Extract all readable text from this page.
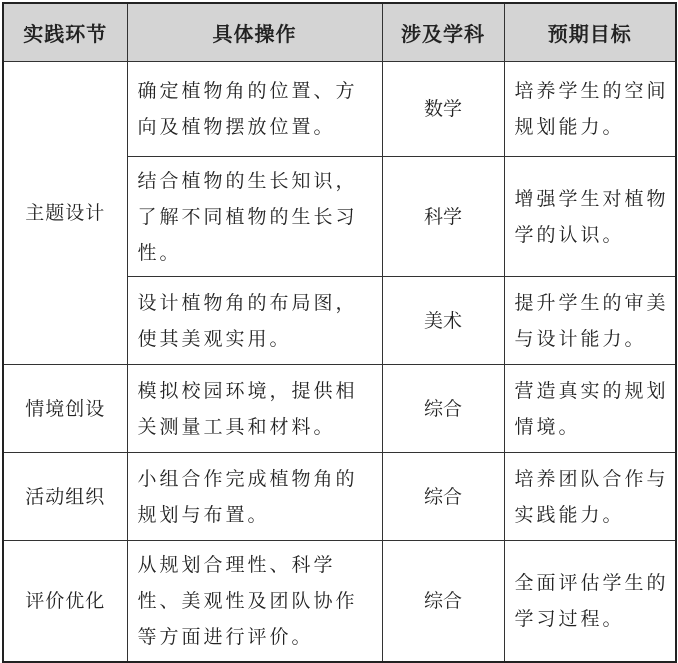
实践环节	具体操作	涉及学科	预期目标
主题设计	确定植物角的位置、方向及植物摆放位置。	数学	培养学生的空间规划能力。
	结合植物的生长知识，了解不同植物的生长习性。	科学	增强学生对植物学的认识。
	设计植物角的布局图，使其美观实用。	美术	提升学生的审美与设计能力。
情境创设	模拟校园环境，提供相关测量工具和材料。	综合	营造真实的规划情境。
活动组织	小组合作完成植物角的规划与布置。	综合	培养团队合作与实践能力。
评价优化	从规划合理性、科学性、美观性及团队协作等方面进行评价。	综合	全面评估学生的学习过程。
